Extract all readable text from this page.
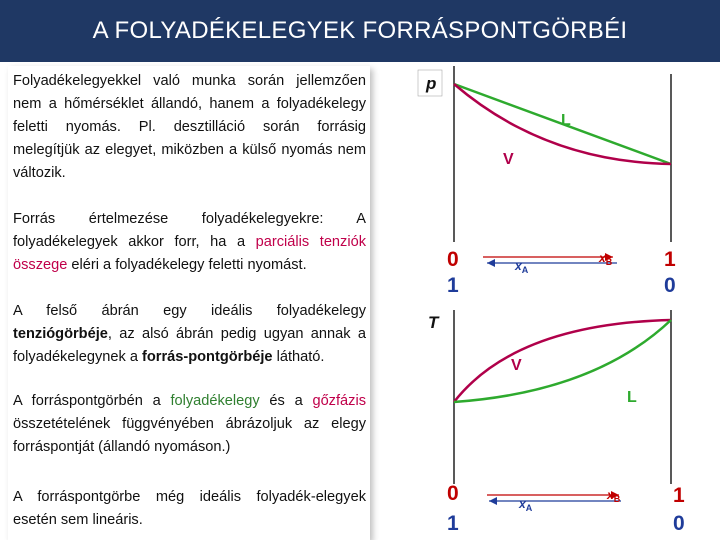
A FOLYADÉKELEGYEK FORRÁSPONTGÖRBÉI
Folyadékelegyekkel való munka során jellemzően nem a hőmérséklet állandó, hanem a folyadékelegy feletti nyomás. Pl. desztilláció során forrásig melegítjük az elegyet, miközben a külső nyomás nem változik.
Forrás értelmezése folyadékelegyekre: A folyadékelegyek akkor forr, ha a parciális tenziók összege eléri a folyadékelegy feletti nyomást.
A felső ábrán egy ideális folyadékelegy tenziógörbéje, az alsó ábrán pedig ugyan annak a folyadékelegynek a forrás-pontgörbéje látható.
A forráspontgörbén a folyadékelegy és a gőzfázis összetételének függvényében ábrázoljuk az elegy forráspontját (állandó nyomáson.)
A forráspontgörbe még ideális folyadék-elegyek esetén sem lineáris.
p
L
V
0
1
1
0
$x_A$
$x_B$
T
V
L
0
1
1
0
$x_A$
$x_B$
